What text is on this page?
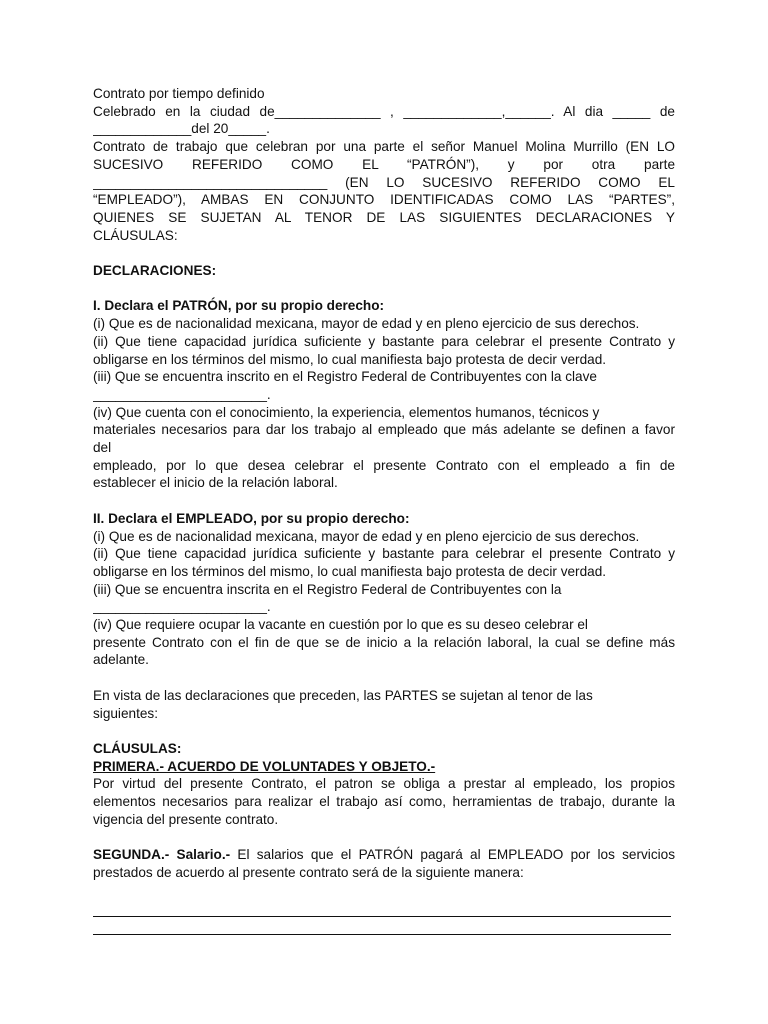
Contrato por tiempo definido

Celebrado en la ciudad de______________ , _____________,______. Al dia _____ de

_____________del 20_____.

Contrato de trabajo que celebran por una parte el señor Manuel Molina Murrillo (EN LO

SUCESIVO REFERIDO COMO EL “PATRÓN”), y por otra parte

_______________________________ (EN LO SUCESIVO REFERIDO COMO EL

“EMPLEADO”), AMBAS EN CONJUNTO IDENTIFICADAS COMO LAS “PARTES”,

QUIENES SE SUJETAN AL TENOR DE LAS SIGUIENTES DECLARACIONES Y

CLÁUSULAS:

DECLARACIONES:

I. Declara el PATRÓN, por su propio derecho:

(i) Que es de nacionalidad mexicana, mayor de edad y en pleno ejercicio de sus derechos.

(ii) Que tiene capacidad jurídica suficiente y bastante para celebrar el presente Contrato y

obligarse en los términos del mismo, lo cual manifiesta bajo protesta de decir verdad.

(iii) Que se encuentra inscrito en el Registro Federal de Contribuyentes con la clave

_______________________.

(iv) Que cuenta con el conocimiento, la experiencia, elementos humanos, técnicos y

materiales necesarios para dar los trabajo al empleado que más adelante se definen a favor

del

empleado, por lo que desea celebrar el presente Contrato con el empleado a fin de

establecer el inicio de la relación laboral.

II. Declara el EMPLEADO, por su propio derecho:

(i) Que es de nacionalidad mexicana, mayor de edad y en pleno ejercicio de sus derechos.

(ii) Que tiene capacidad jurídica suficiente y bastante para celebrar el presente Contrato y

obligarse en los términos del mismo, lo cual manifiesta bajo protesta de decir verdad.

(iii) Que se encuentra inscrita en el Registro Federal de Contribuyentes con la

_______________________.

(iv) Que requiere ocupar la vacante en cuestión por lo que es su deseo celebrar el

presente Contrato con el fin de que se de inicio a la relación laboral, la cual se define más

adelante.

En vista de las declaraciones que preceden, las PARTES se sujetan al tenor de las

siguientes:

CLÁUSULAS:

PRIMERA.- ACUERDO DE VOLUNTADES Y OBJETO.-

Por virtud del presente Contrato, el patron se obliga a prestar al empleado, los propios

elementos necesarios para realizar el trabajo así como, herramientas de trabajo, durante la

vigencia del presente contrato.

SEGUNDA.- Salario.- El salarios que el PATRÓN pagará al EMPLEADO por los servicios

prestados de acuerdo al presente contrato será de la siguiente manera:
